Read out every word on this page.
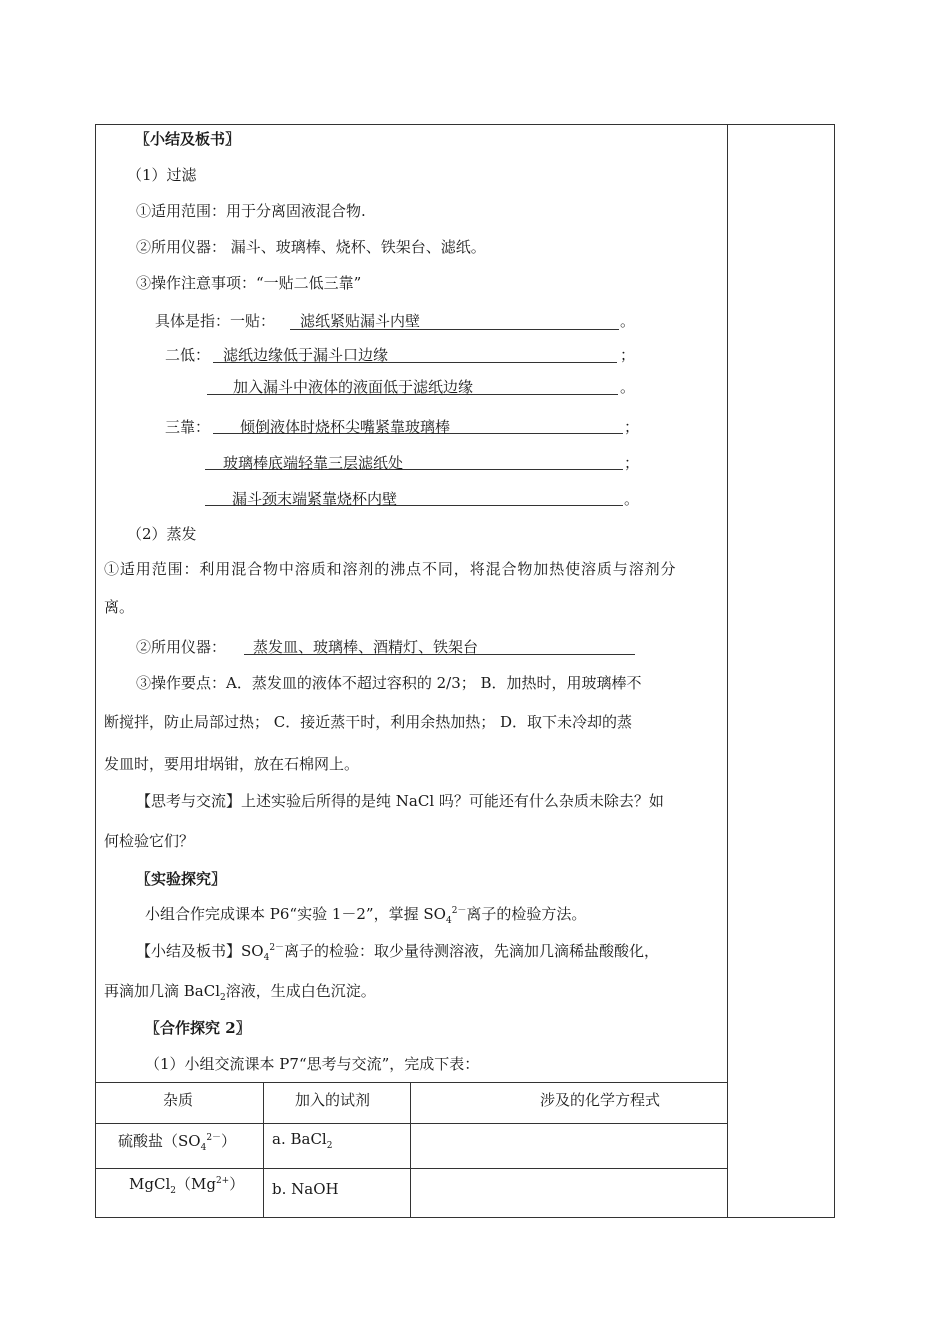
〖小结及板书〗
（1）过滤
①适用范围：用于分离固液混合物.
②所用仪器： 漏斗、玻璃棒、烧杯、铁架台、滤纸。
③操作注意事项：“一贴二低三靠”
具体是指：一贴： 滤纸紧贴漏斗内壁	。
二低： 滤纸边缘低于漏斗口边缘	；
加入漏斗中液体的液面低于滤纸边缘	。
三靠： 倾倒液体时烧杯尖嘴紧靠玻璃棒	；
玻璃棒底端轻靠三层滤纸处	；
漏斗颈末端紧靠烧杯内壁	。
（2）蒸发
①适用范围：利用混合物中溶质和溶剂的沸点不同，将混合物加热使溶质与溶剂分
离。
②所用仪器： 蒸发皿、玻璃棒、酒精灯、铁架台
③操作要点：A．蒸发皿的液体不超过容积的 2/3； B．加热时，用玻璃棒不
断搅拌，防止局部过热； C．接近蒸干时，利用余热加热； D．取下未冷却的蒸
发皿时，要用坩埚钳，放在石棉网上。
【思考与交流】上述实验后所得的是纯 NaCl 吗？可能还有什么杂质未除去？如
何检验它们？
〖实验探究〗
小组合作完成课本 P6“实验 1－2”，掌握 $SO_4^{2-}$离子的检验方法。
【小结及板书】$SO_4^{2-}$离子的检验：取少量待测溶液，先滴加几滴稀盐酸酸化，
再滴加几滴 BaCl$_2$溶液，生成白色沉淀。
〖合作探究 2〗
（1）小组交流课本 P7“思考与交流”，完成下表：
杂质	加入的试剂	涉及的化学方程式
硫酸盐$(SO_4^{2-})$ a. BaCl$_2$
$MgCl_2(Mg^{2+})$ b. NaOH
